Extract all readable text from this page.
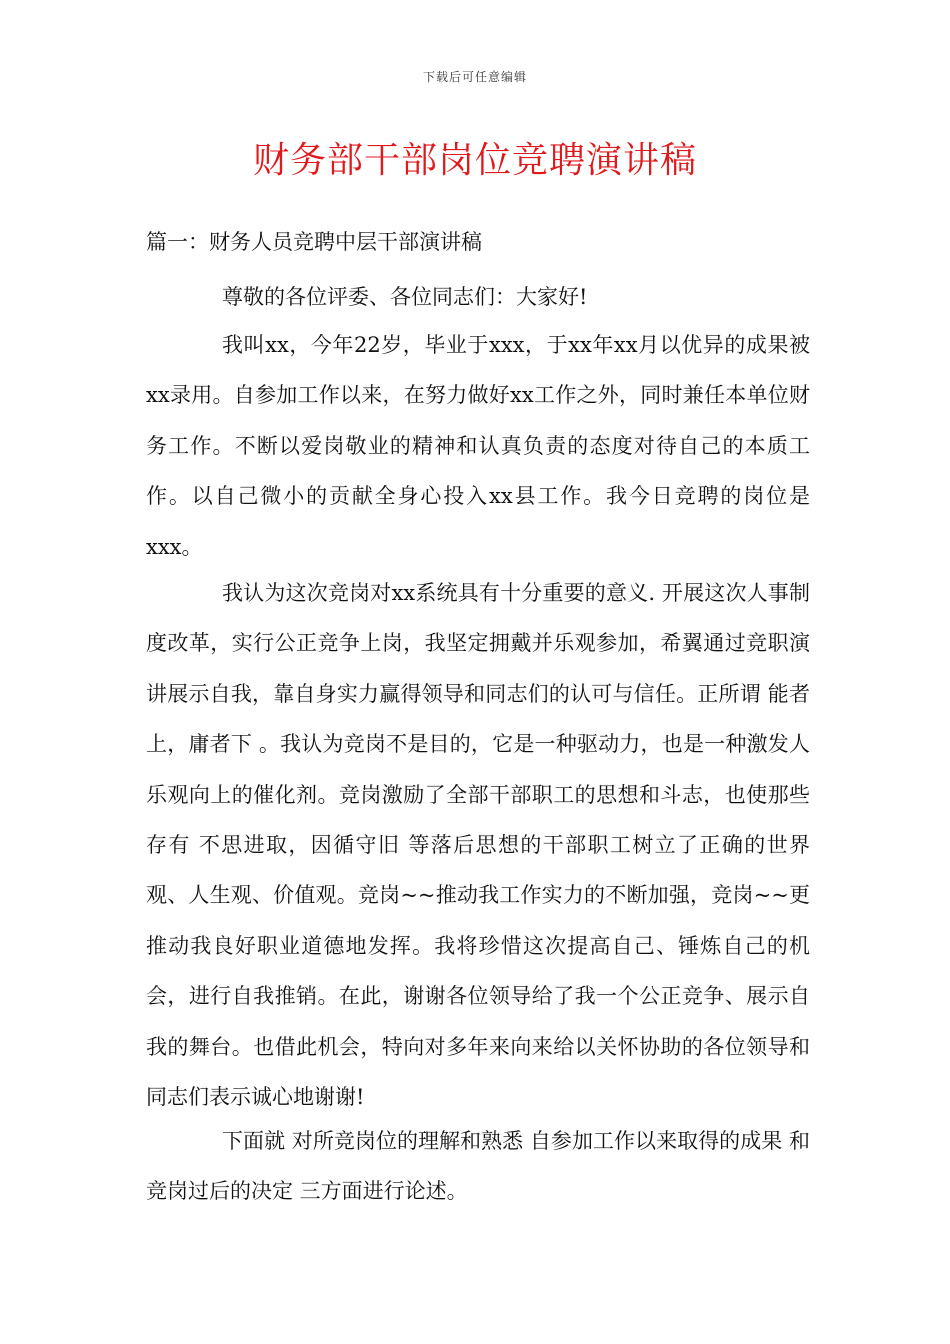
下载后可任意编辑
财务部干部岗位竞聘演讲稿
篇一：财务人员竞聘中层干部演讲稿

尊敬的各位评委、各位同志们：大家好!

我叫xx，今年22岁，毕业于xxx，于xx年xx月以优异的成果被xx录用。自参加工作以来，在努力做好xx工作之外，同时兼任本单位财务工作。不断以爱岗敬业的精神和认真负责的态度对待自己的本质工作。以自己微小的贡献全身心投入xx县工作。我今日竞聘的岗位是xxx。

我认为这次竞岗对xx系统具有十分重要的意义. 开展这次人事制度改革，实行公正竞争上岗，我坚定拥戴并乐观参加，希翼通过竞职演讲展示自我，靠自身实力赢得领导和同志们的认可与信任。正所谓 能者上，庸者下 。我认为竞岗不是目的，它是一种驱动力，也是一种激发人乐观向上的催化剂。竞岗激励了全部干部职工的思想和斗志，也使那些存有 不思进取，因循守旧 等落后思想的干部职工树立了正确的世界观、人生观、价值观。竞岗~~推动我工作实力的不断加强，竞岗~~更推动我良好职业道德地发挥。我将珍惜这次提高自己、锤炼自己的机会，进行自我推销。在此，谢谢各位领导给了我一个公正竞争、展示自我的舞台。也借此机会，特向对多年来向来给以关怀协助的各位领导和同志们表示诚心地谢谢!

下面就 对所竞岗位的理解和熟悉 自参加工作以来取得的成果 和 竞岗过后的决定 三方面进行论述。
